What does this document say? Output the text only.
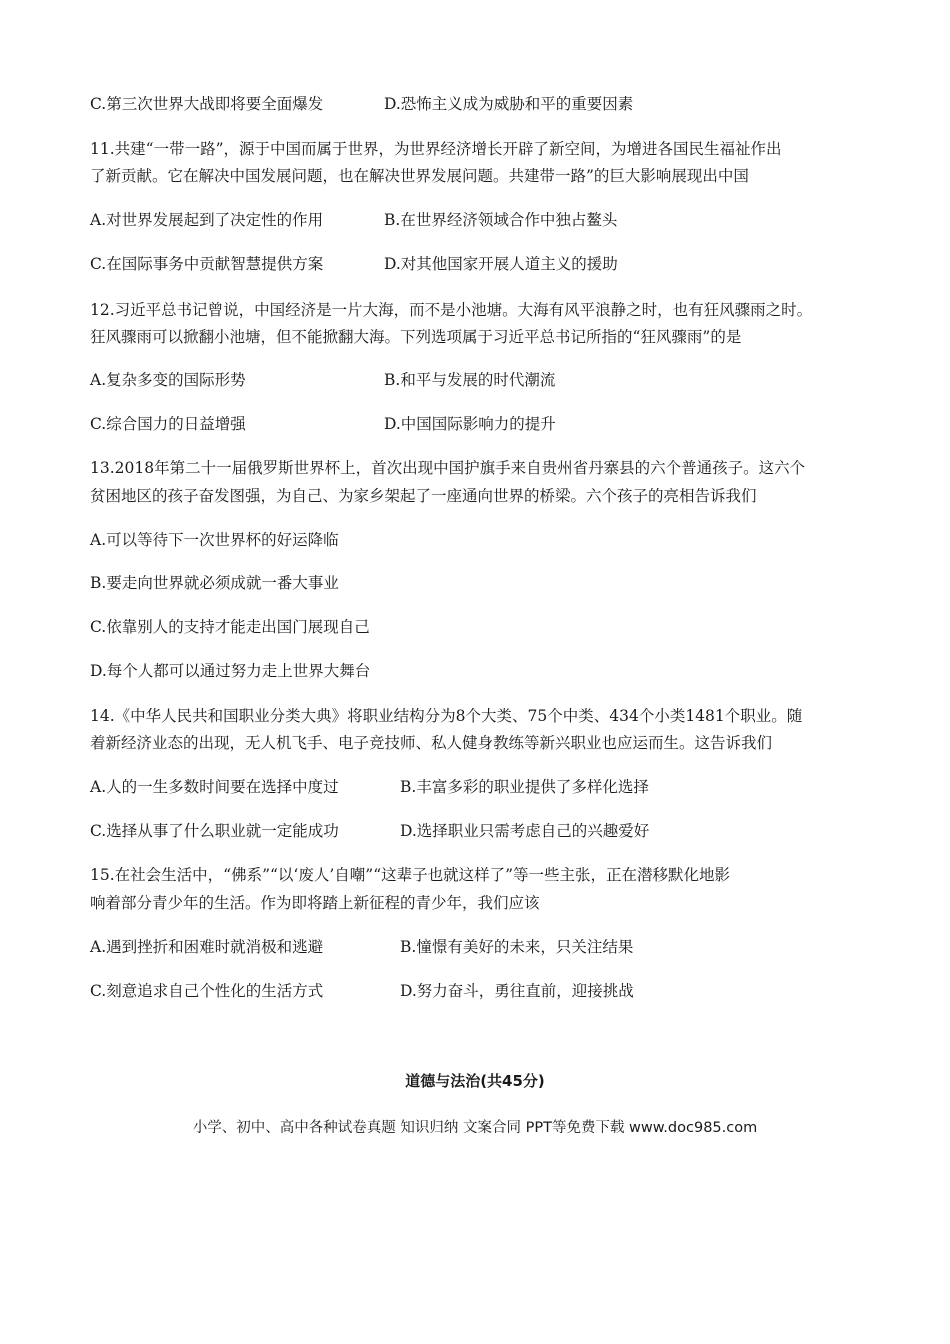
C.第三次世界大战即将要全面爆发	D.恐怖主义成为威胁和平的重要因素
11.共建“一带一路”，源于中国而属于世界，为世界经济增长开辟了新空间，为增进各国民生福祉作出
了新贡献。它在解决中国发展问题，也在解决世界发展问题。共建带一路”的巨大影响展现出中国
A.对世界发展起到了决定性的作用	B.在世界经济领域合作中独占鳌头
C.在国际事务中贡献智慧提供方案	D.对其他国家开展人道主义的援助
12.习近平总书记曾说，中国经济是一片大海，而不是小池塘。大海有风平浪静之时，也有狂风骤雨之时。
狂风骤雨可以掀翻小池塘，但不能掀翻大海。下列选项属于习近平总书记所指的“狂风骤雨”的是
A.复杂多变的国际形势	B.和平与发展的时代潮流
C.综合国力的日益增强	D.中国国际影响力的提升
13.2018年第二十一届俄罗斯世界杯上，首次出现中国护旗手来自贵州省丹寨县的六个普通孩子。这六个
贫困地区的孩子奋发图强，为自己、为家乡架起了一座通向世界的桥梁。六个孩子的亮相告诉我们
A.可以等待下一次世界杯的好运降临
B.要走向世界就必须成就一番大事业
C.依靠别人的支持才能走出国门展现自己
D.每个人都可以通过努力走上世界大舞台
14.《中华人民共和国职业分类大典》将职业结构分为8个大类、75个中类、434个小类1481个职业。随
着新经济业态的出现，无人机飞手、电子竞技师、私人健身教练等新兴职业也应运而生。这告诉我们
A.人的一生多数时间要在选择中度过	B.丰富多彩的职业提供了多样化选择
C.选择从事了什么职业就一定能成功	D.选择职业只需考虑自己的兴趣爱好
15.在社会生活中，“佛系”“以‘废人’自嘲”“这辈子也就这样了”等一些主张，正在潜移默化地影
响着部分青少年的生活。作为即将踏上新征程的青少年，我们应该
A.遇到挫折和困难时就消极和逃避	B.憧憬有美好的未来，只关注结果
C.刻意追求自己个性化的生活方式	D.努力奋斗，勇往直前，迎接挑战
道德与法治(共45分)
小学、初中、高中各种试卷真题 知识归纳 文案合同 PPT等免费下载 www.doc985.com
